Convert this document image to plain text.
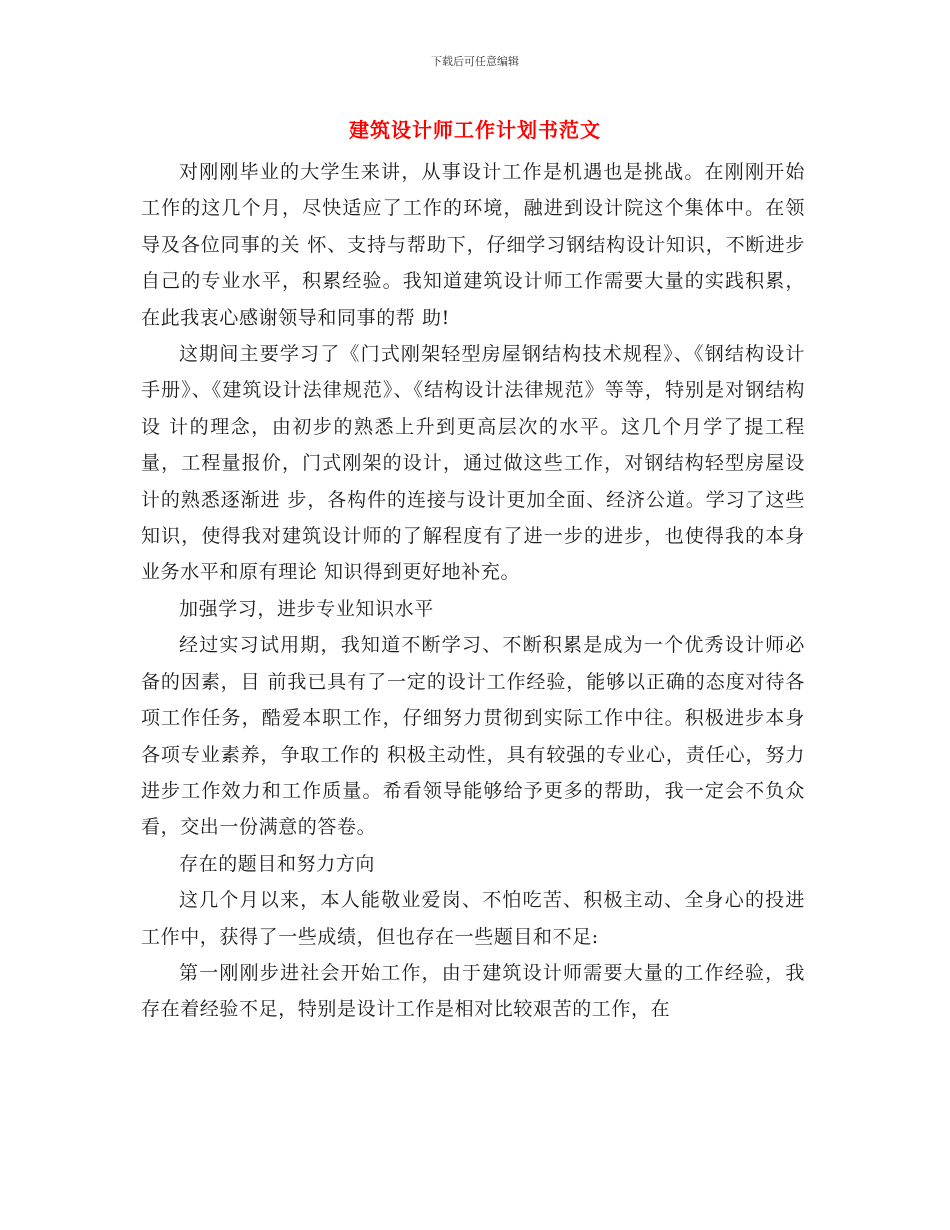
下载后可任意编辑
建筑设计师工作计划书范文

对刚刚毕业的大学生来讲，从事设计工作是机遇也是挑战。在刚刚开始工作的这几个月，尽快适应了工作的环境，融进到设计院这个集体中。在领导及各位同事的关 怀、支持与帮助下，仔细学习钢结构设计知识，不断进步自己的专业水平，积累经验。我知道建筑设计师工作需要大量的实践积累，在此我衷心感谢领导和同事的帮 助!

这期间主要学习了《门式刚架轻型房屋钢结构技术规程》、《钢结构设计手册》、《建筑设计法律规范》、《结构设计法律规范》等等，特别是对钢结构设 计的理念，由初步的熟悉上升到更高层次的水平。这几个月学了提工程量，工程量报价，门式刚架的设计，通过做这些工作，对钢结构轻型房屋设计的熟悉逐渐进 步，各构件的连接与设计更加全面、经济公道。学习了这些知识，使得我对建筑设计师的了解程度有了进一步的进步，也使得我的本身业务水平和原有理论 知识得到更好地补充。

加强学习，进步专业知识水平

经过实习试用期，我知道不断学习、不断积累是成为一个优秀设计师必备的因素，目 前我已具有了一定的设计工作经验，能够以正确的态度对待各项工作任务，酷爱本职工作，仔细努力贯彻到实际工作中往。积极进步本身各项专业素养，争取工作的 积极主动性，具有较强的专业心，责任心，努力进步工作效力和工作质量。希看领导能够给予更多的帮助，我一定会不负众看，交出一份满意的答卷。

存在的题目和努力方向

这几个月以来，本人能敬业爱岗、不怕吃苦、积极主动、全身心的投进工作中，获得了一些成绩，但也存在一些题目和不足:

第一刚刚步进社会开始工作，由于建筑设计师需要大量的工作经验，我存在着经验不足，特别是设计工作是相对比较艰苦的工作，在
